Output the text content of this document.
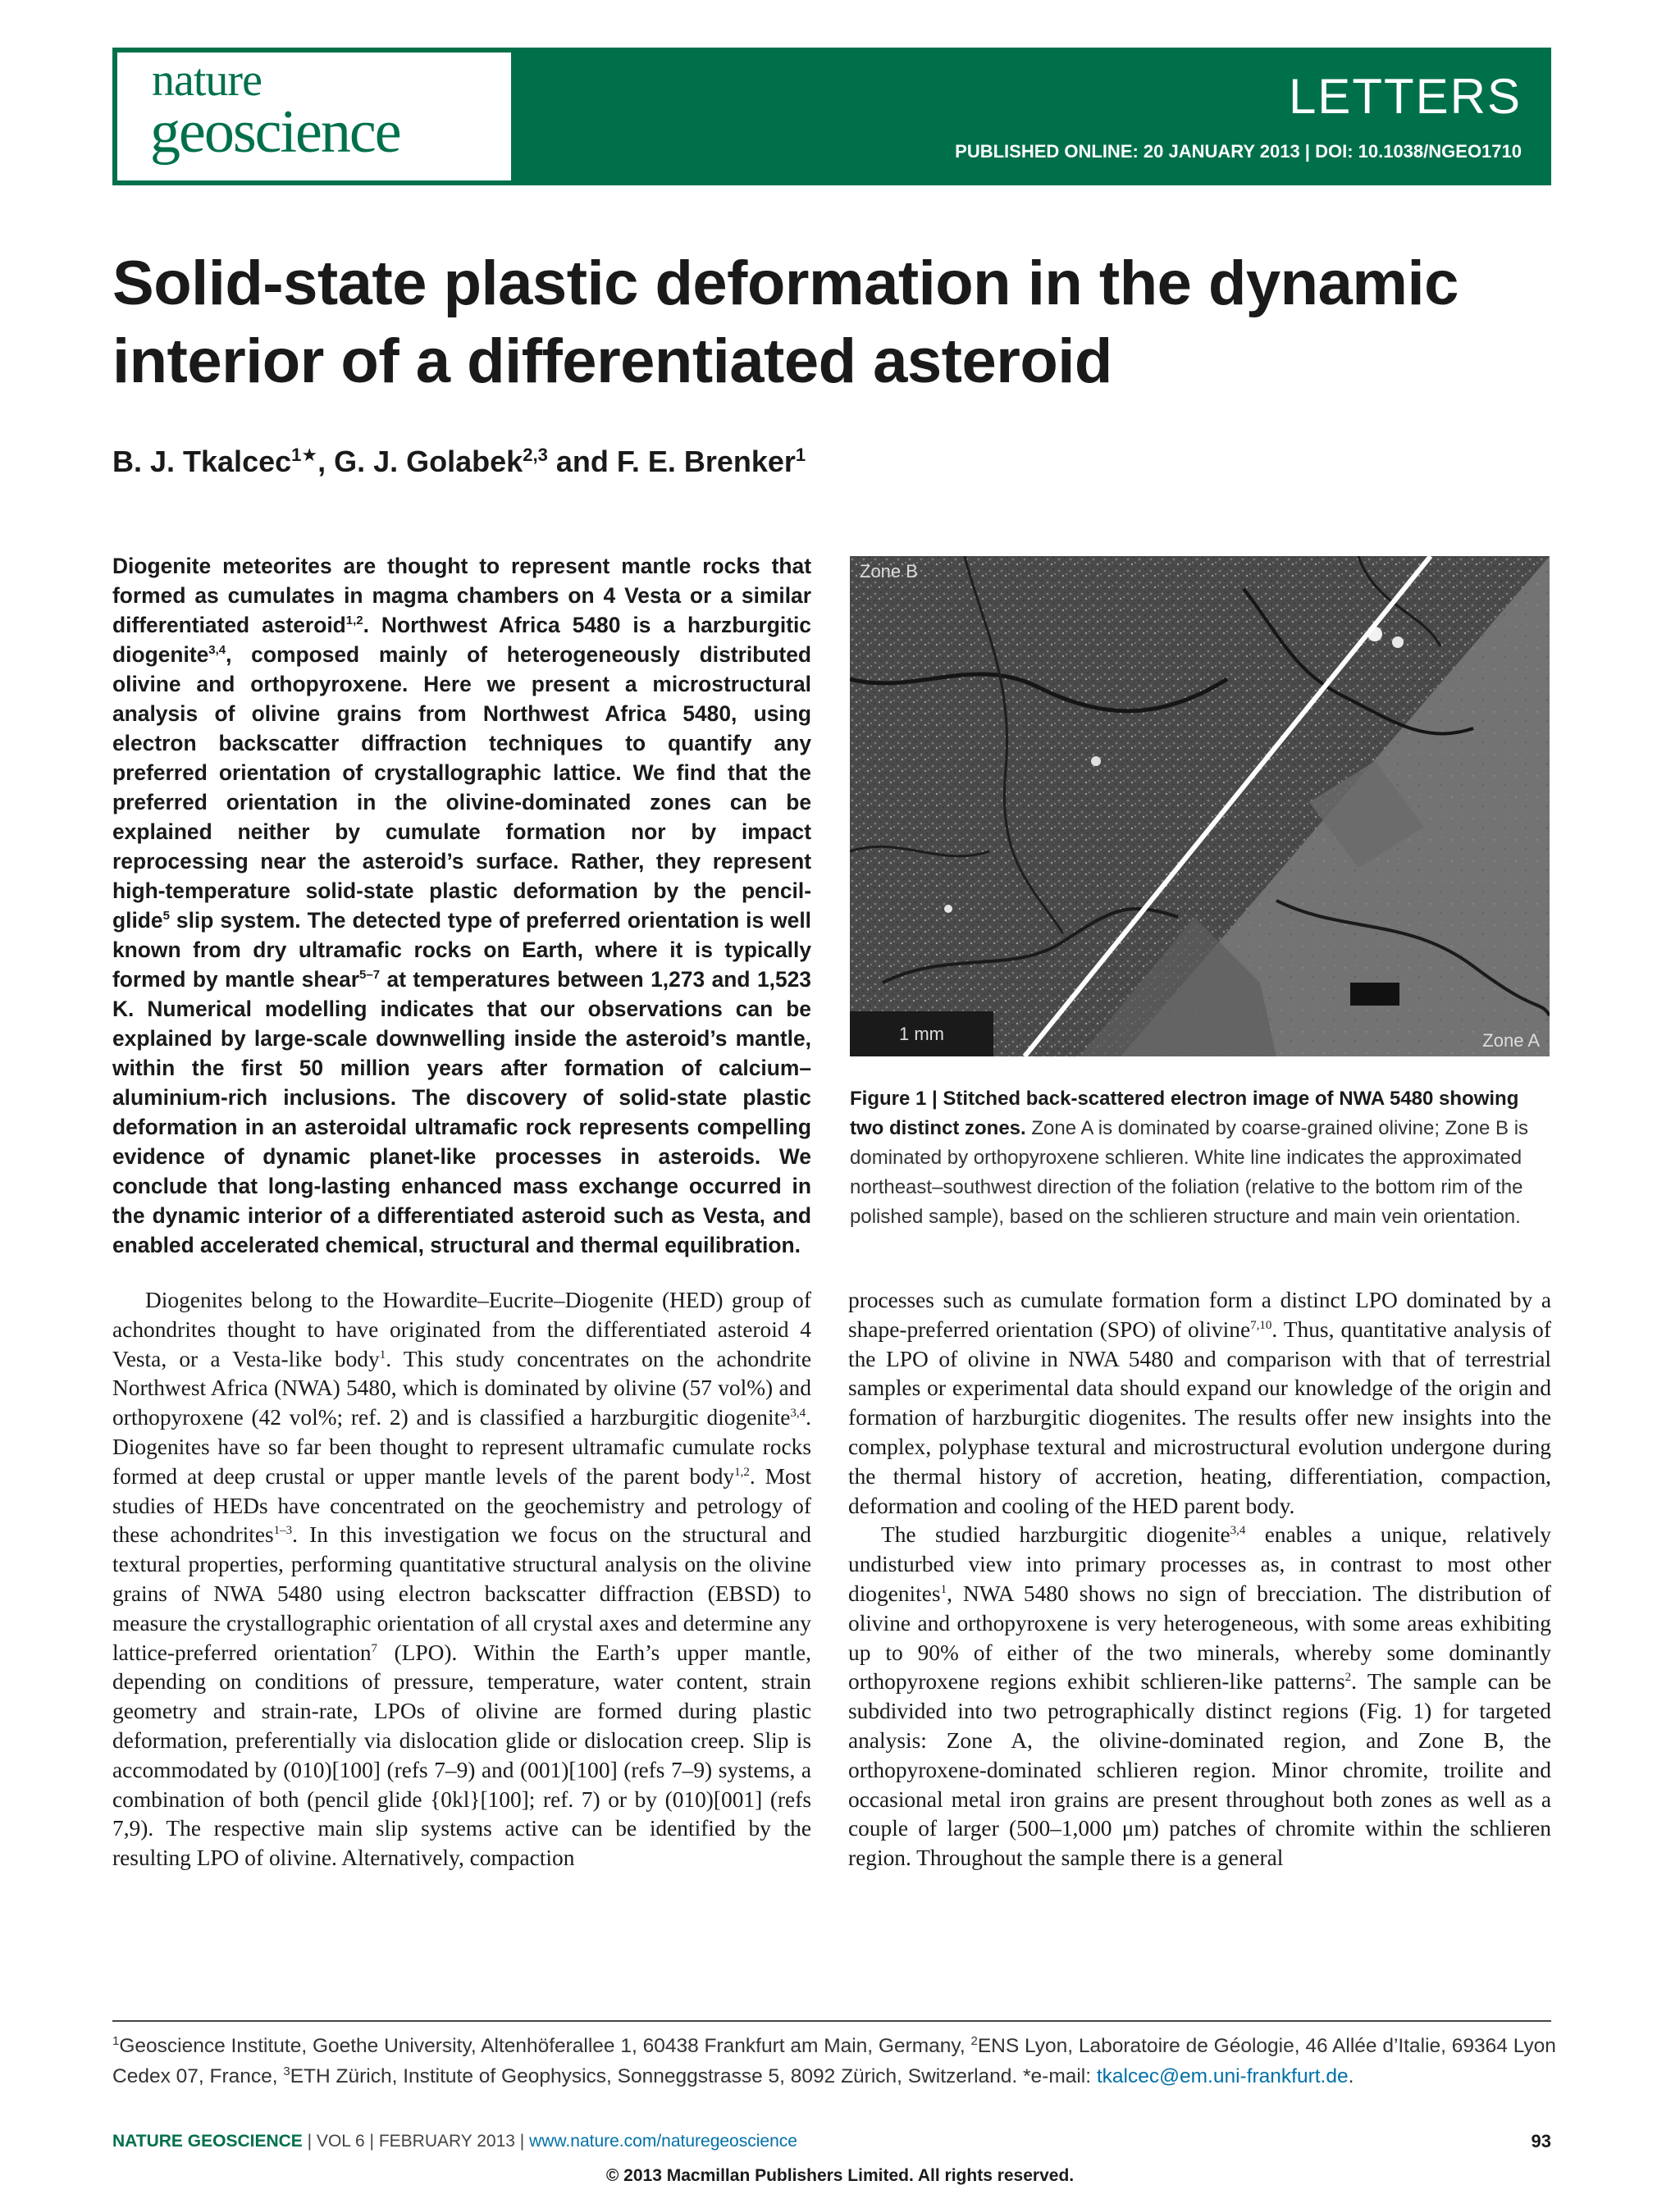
nature
geoscience
LETTERS
PUBLISHED ONLINE: 20 JANUARY 2013 | DOI: 10.1038/NGEO1710
Solid-state plastic deformation in the dynamic interior of a differentiated asteroid
B. J. Tkalcec$^{1★}$, G. J. Golabek$^{2,3}$ and F. E. Brenker$^1$
Diogenite meteorites are thought to represent mantle rocks that formed as cumulates in magma chambers on 4 Vesta or a similar differentiated asteroid$^{1,2}$. Northwest Africa 5480 is a harzburgitic diogenite$^{3,4}$, composed mainly of heterogeneously distributed olivine and orthopyroxene. Here we present a microstructural analysis of olivine grains from Northwest Africa 5480, using electron backscatter diffraction techniques to quantify any preferred orientation of crystallographic lattice. We find that the preferred orientation in the olivine-dominated zones can be explained neither by cumulate formation nor by impact reprocessing near the asteroid’s surface. Rather, they represent high-temperature solid-state plastic deformation by the pencil-glide$^5$ slip system. The detected type of preferred orientation is well known from dry ultramafic rocks on Earth, where it is typically formed by mantle shear$^{5-7}$ at temperatures between 1,273 and 1,523 K. Numerical modelling indicates that our observations can be explained by large-scale downwelling inside the asteroid’s mantle, within the first 50 million years after formation of calcium–aluminium-rich inclusions. The discovery of solid-state plastic deformation in an asteroidal ultramafic rock represents compelling evidence of dynamic planet-like processes in asteroids. We conclude that long-lasting enhanced mass exchange occurred in the dynamic interior of a differentiated asteroid such as Vesta, and enabled accelerated chemical, structural and thermal equilibration.
Diogenites belong to the Howardite–Eucrite–Diogenite (HED) group of achondrites thought to have originated from the differentiated asteroid 4 Vesta, or a Vesta-like body$^1$. This study concentrates on the achondrite Northwest Africa (NWA) 5480, which is dominated by olivine (57 vol%) and orthopyroxene (42 vol%; ref. 2) and is classified a harzburgitic diogenite$^{3,4}$. Diogenites have so far been thought to represent ultramafic cumulate rocks formed at deep crustal or upper mantle levels of the parent body$^{1,2}$. Most studies of HEDs have concentrated on the geochemistry and petrology of these achondrites$^{1-3}$. In this investigation we focus on the structural and textural properties, performing quantitative structural analysis on the olivine grains of NWA 5480 using electron backscatter diffraction (EBSD) to measure the crystallographic orientation of all crystal axes and determine any lattice-preferred orientation$^7$ (LPO). Within the Earth’s upper mantle, depending on conditions of pressure, temperature, water content, strain geometry and strain-rate, LPOs of olivine are formed during plastic deformation, preferentially via dislocation glide or dislocation creep. Slip is accommodated by (010)[100] (refs 7–9) and (001)[100] (refs 7–9) systems, a combination of both (pencil glide {0kl}[100]; ref. 7) or by (010)[001] (refs 7,9). The respective main slip systems active can be identified by the resulting LPO of olivine. Alternatively, compaction

processes such as cumulate formation form a distinct LPO dominated by a shape-preferred orientation (SPO) of olivine$^{7,10}$. Thus, quantitative analysis of the LPO of olivine in NWA 5480 and comparison with that of terrestrial samples or experimental data should expand our knowledge of the origin and formation of harzburgitic diogenites. The results offer new insights into the complex, polyphase textural and microstructural evolution undergone during the thermal history of accretion, heating, differentiation, compaction, deformation and cooling of the HED parent body.

The studied harzburgitic diogenite$^{3,4}$ enables a unique, relatively undisturbed view into primary processes as, in contrast to most other diogenites$^1$, NWA 5480 shows no sign of brecciation. The distribution of olivine and orthopyroxene is very heterogeneous, with some areas exhibiting up to 90% of either of the two minerals, whereby some dominantly orthopyroxene regions exhibit schlieren-like patterns$^2$. The sample can be subdivided into two petrographically distinct regions (Fig. 1) for targeted analysis: Zone A, the olivine-dominated region, and Zone B, the orthopyroxene-dominated schlieren region. Minor chromite, troilite and occasional metal iron grains are present throughout both zones as well as a couple of larger (500–1,000 μm) patches of chromite within the schlieren region. Throughout the sample there is a general

Zone B
Zone A
1 mm
Figure 1 | Stitched back-scattered electron image of NWA 5480 showing two distinct zones. Zone A is dominated by coarse-grained olivine; Zone B is dominated by orthopyroxene schlieren. White line indicates the approximated northeast–southwest direction of the foliation (relative to the bottom rim of the polished sample), based on the schlieren structure and main vein orientation.
$^1$Geoscience Institute, Goethe University, Altenhöferallee 1, 60438 Frankfurt am Main, Germany, $^2$ENS Lyon, Laboratoire de Géologie, 46 Allée d’Italie, 69364 Lyon Cedex 07, France, $^3$ETH Zürich, Institute of Geophysics, Sonneggstrasse 5, 8092 Zürich, Switzerland. *e-mail: tkalcec@em.uni-frankfurt.de.
NATURE GEOSCIENCE | VOL 6 | FEBRUARY 2013 | www.nature.com/naturegeoscience	93
© 2013 Macmillan Publishers Limited. All rights reserved.
